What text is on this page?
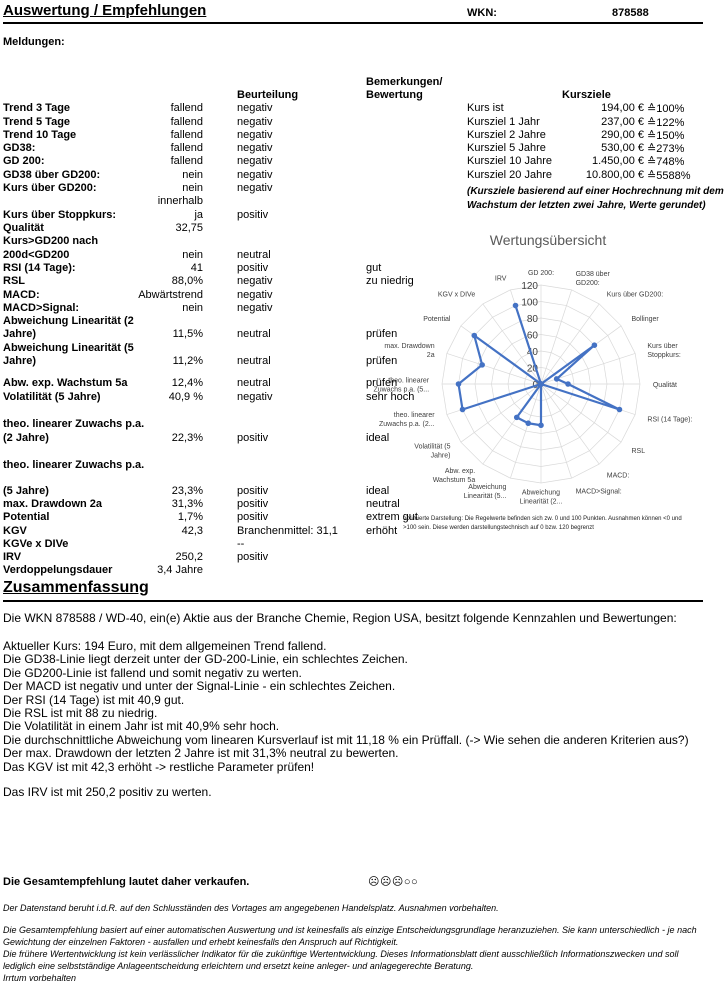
Auswertung / Empfehlungen	WKN:	878588
Meldungen:
Beurteilung
Bemerkungen/
Bewertung	Kursziele
Trend 3 Tage	fallend	negativ
Trend 5 Tage	fallend	negativ
Trend 10 Tage	fallend	negativ
GD38:	fallend	negativ
GD 200:	fallend	negativ
GD38 über GD200:	nein	negativ
Kurs über GD200:	nein	negativ
innerhalb
Kurs über Stoppkurs:	ja	positiv
Qualität	32,75
Kurs>GD200 nach
200d<GD200	nein	neutral
RSI (14 Tage):	41	positiv	gut
RSL	88,0%	negativ	zu niedrig
MACD:	Abwärtstrend	negativ
MACD>Signal:	nein	negativ
Abweichung Linearität (2
Jahre)	11,5%	neutral	prüfen
Abweichung Linearität (5
Jahre)	11,2%	neutral	prüfen
Abw. exp. Wachstum 5a	12,4%	neutral	prüfen
Volatilität (5 Jahre)	40,9 %	negativ	sehr hoch
theo. linearer Zuwachs p.a.
(2 Jahre)	22,3%	positiv	ideal
theo. linearer Zuwachs p.a.
(5 Jahre)	23,3%	positiv	ideal
max. Drawdown 2a	31,3%	positiv	neutral
Potential	1,7%	positiv	extrem gut
KGV	42,3	Branchenmittel: 31,1	erhöht
KGVe x DIVe	--
IRV	250,2	positiv
Verdoppelungsdauer	3,4 Jahre
Kurs ist	194,00 € ≙100%
Kursziel 1 Jahr	237,00 € ≙122%
Kursziel 2 Jahre	290,00 € ≙150%
Kursziel 5 Jahre	530,00 € ≙273%
Kursziel 10 Jahre	1.450,00 € ≙748%
Kursziel 20 Jahre	10.800,00 € ≙5588%
(Kursziele basierend auf einer Hochrechnung mit dem
Wachstum der letzten zwei Jahre, Werte gerundet)
Wertungsübersicht
0
20
40
60
80
100
120
GD 200:	GD38 über
GD200:
Kurs über GD200:
Bollinger
Kurs über
Stoppkurs:
Qualität
RSI (14 Tage):
RSL
MACD:
MACD>Signal:
Abweichung
Linearität (2...
Abweichung
Linearität (5...
Abw. exp.
Wachstum 5a
Volatilität (5
Jahre)
theo. linearer
Zuwachs p.a. (2...
theo. linearer
Zuwachs p.a. (5...
max. Drawdown
2a
Potential
KGV x DIVe
IRV
optimierte Darstellung: Die Regelwerte befinden sich zw. 0 und 100 Punkten. Ausnahmen können <0 und
>100 sein. Diese werden darstellungstechnisch auf 0 bzw. 120 begrenzt
Zusammenfassung
Die WKN 878588 / WD-40, ein(e) Aktie aus der Branche Chemie, Region USA, besitzt folgende Kennzahlen und Bewertungen:
Aktueller Kurs: 194 Euro, mit dem allgemeinen Trend fallend.
Die GD38-Linie liegt derzeit unter der GD-200-Linie, ein schlechtes Zeichen.
Die GD200-Linie ist fallend und somit negativ zu werten.
Der MACD ist negativ und unter der Signal-Linie - ein schlechtes Zeichen.
Der RSI (14 Tage) ist mit 40,9 gut.
Die RSL ist mit 88 zu niedrig.
Die Volatilität in einem Jahr ist mit 40,9% sehr hoch.
Die durchschnittliche Abweichung vom linearen Kursverlauf ist mit 11,18 % ein Prüffall. (-> Wie sehen die anderen Kriterien aus?)
Der max. Drawdown der letzten 2 Jahre ist mit 31,3% neutral zu bewerten.
Das KGV ist mit 42,3 erhöht -> restliche Parameter prüfen!
Das IRV ist mit 250,2 positiv zu werten.
Die Gesamtempfehlung lautet daher verkaufen.	☹☹☹○○
Der Datenstand beruht i.d.R. auf den Schlusständen des Vortages am angegebenen Handelsplatz. Ausnahmen vorbehalten.
Die Gesamtempfehlung basiert auf einer automatischen Auswertung und ist keinesfalls als einzige Entscheidungsgrundlage heranzuziehen. Sie kann unterschiedlich - je nach Gewichtung der einzelnen Faktoren - ausfallen und erhebt keinesfalls den Anspruch auf Richtigkeit.
Die frühere Wertentwicklung ist kein verlässlicher Indikator für die zukünftige Wertentwicklung. Dieses Informationsblatt dient ausschließlich Informationszwecken und soll lediglich eine selbstständige Anlageentscheidung erleichtern und ersetzt keine anleger- und anlagegerechte Beratung.
Irrtum vorbehalten
